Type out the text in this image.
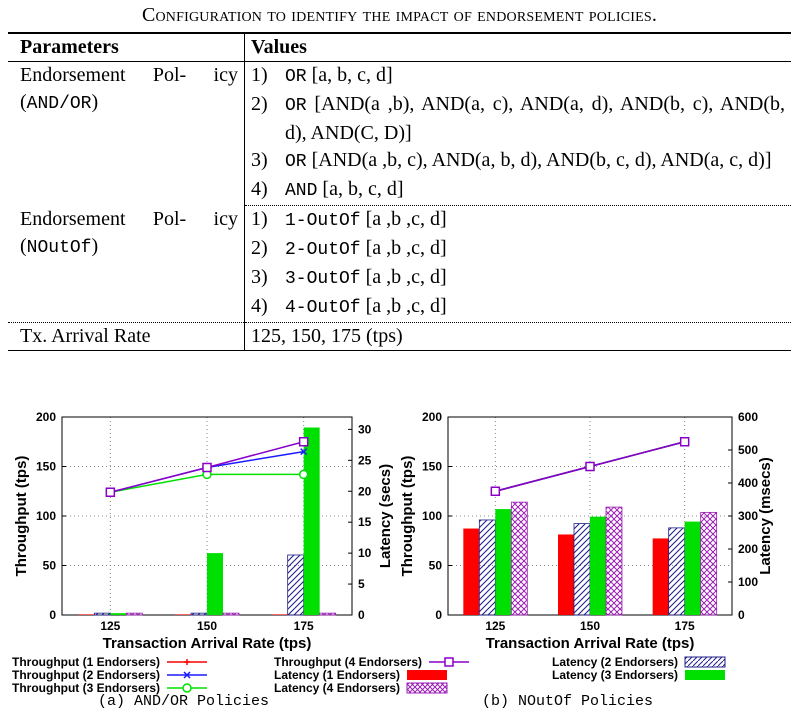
Configuration to identify the impact of endorsement policies.
Parameters	Values
Endorsement Pol- icy (AND/OR)	1) OR [a, b, c, d]

	2) OR [AND(a ,b), AND(a, c), AND(a, d), AND(b, c), AND(b, d), AND(C, D)]

	3) OR [AND(a ,b, c), AND(a, b, d), AND(b, c, d), AND(a, c, d)]

	4) AND [a, b, c, d]

Endorsement Pol- icy (NOutOf)	1) 1-OutOf [a ,b ,c, d]

	2) 2-OutOf [a ,b ,c, d]

	3) 3-OutOf [a ,b ,c, d]

	4) 4-OutOf [a ,b ,c, d]

Tx. Arrival Rate	125, 150, 175 (tps)
0
50
100
150
200
125	150	175
0
5
10
15
20
25
30
Transaction Arrival Rate (tps)
Throughput (tps)	Latency (secs)
0
50
100
150
200
125	150	175
0
100
200
300
400
500
600
Transaction Arrival Rate (tps)
Throughput (tps)	Latency (msecs)
Throughput (1 Endorsers)
Throughput (2 Endorsers)
Throughput (3 Endorsers)
Throughput (4 Endorsers)
Latency (1 Endorsers)
Latency (2 Endorsers)
Latency (3 Endorsers)
Latency (4 Endorsers)
(a) AND/OR Policies	(b) NOutOf Policies
